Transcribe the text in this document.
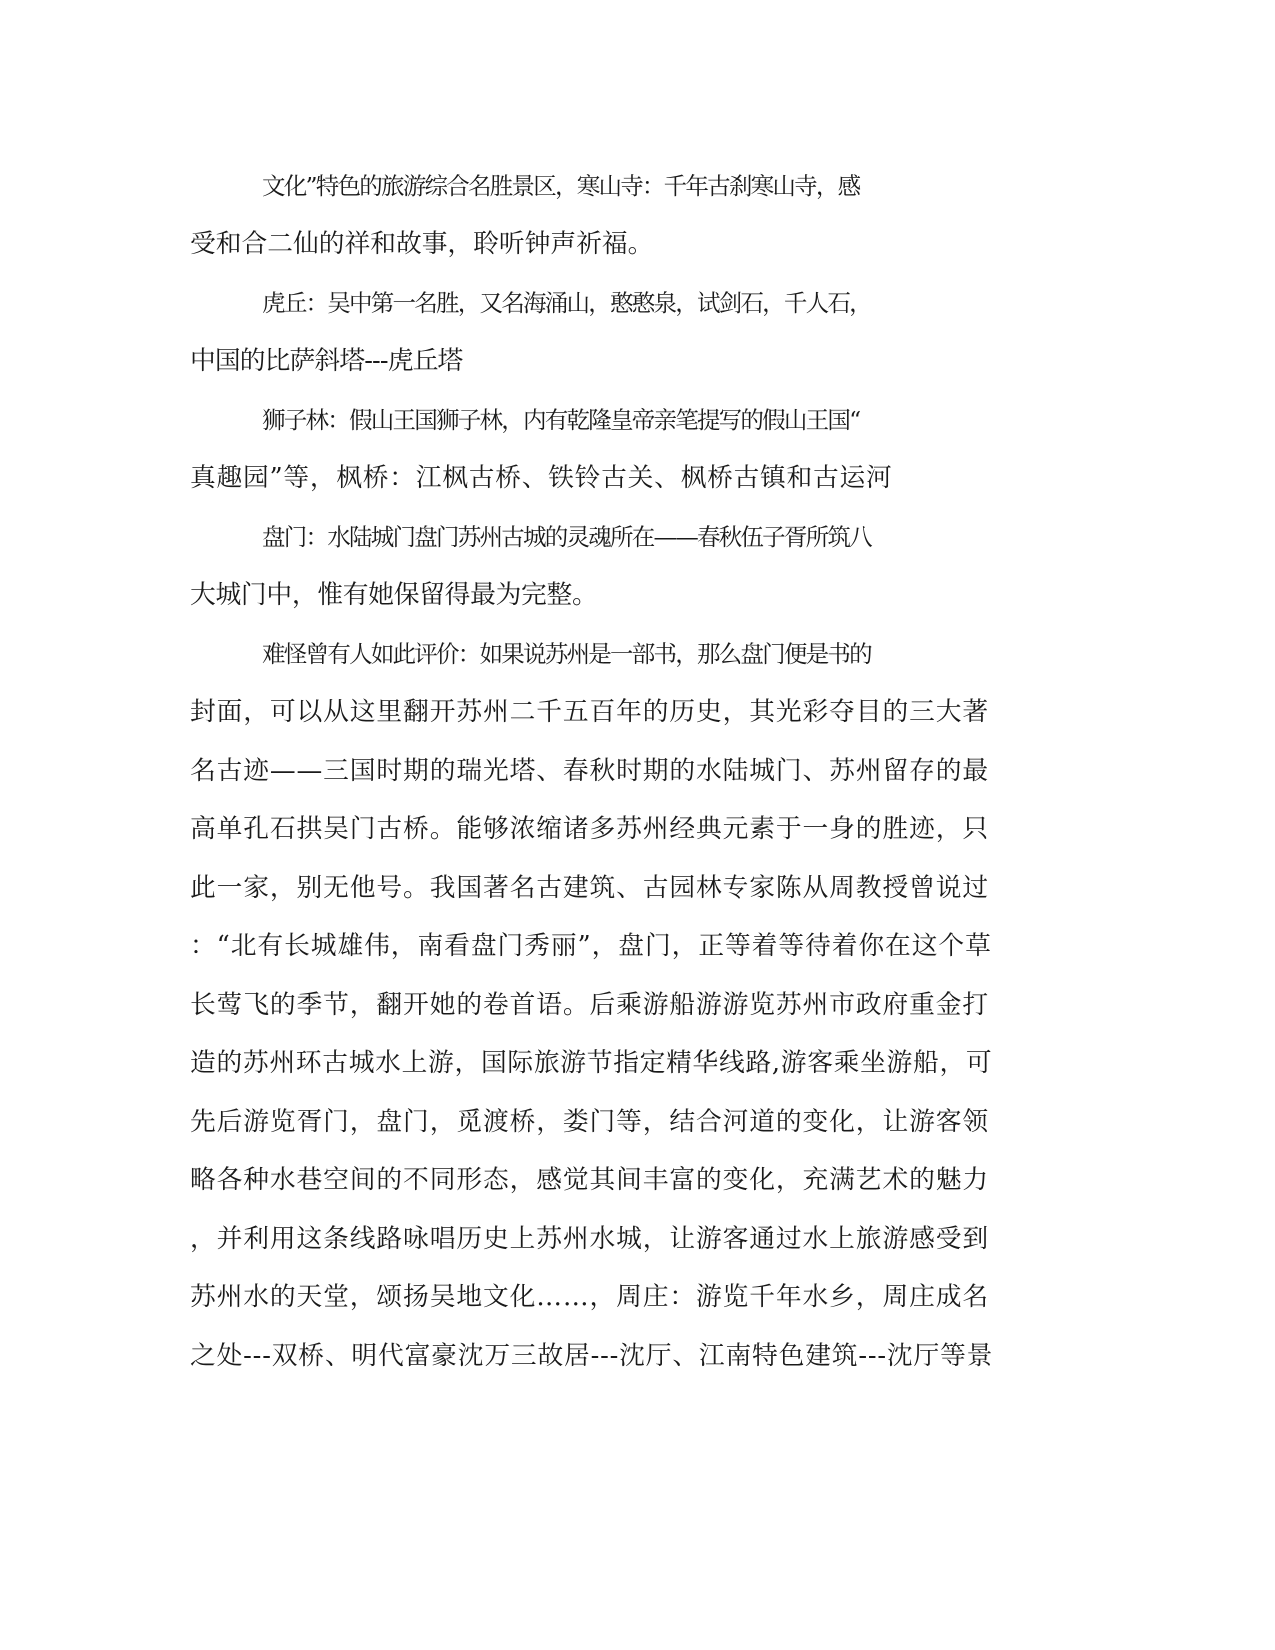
文化”特色的旅游综合名胜景区，寒山寺：千年古刹寒山寺，感
受和合二仙的祥和故事，聆听钟声祈福。
虎丘：吴中第一名胜，又名海涌山，憨憨泉，试剑石，千人石，
中国的比萨斜塔---虎丘塔
狮子林：假山王国狮子林，内有乾隆皇帝亲笔提写的假山王国“
真趣园”等，枫桥：江枫古桥、铁铃古关、枫桥古镇和古运河
盘门：水陆城门盘门苏州古城的灵魂所在——春秋伍子胥所筑八
大城门中，惟有她保留得最为完整。
难怪曾有人如此评价：如果说苏州是一部书，那么盘门便是书的
封面，可以从这里翻开苏州二千五百年的历史，其光彩夺目的三大著
名古迹——三国时期的瑞光塔、春秋时期的水陆城门、苏州留存的最
高单孔石拱吴门古桥。能够浓缩诸多苏州经典元素于一身的胜迹，只
此一家，别无他号。我国著名古建筑、古园林专家陈从周教授曾说过
：“北有长城雄伟，南看盘门秀丽”，盘门，正等着等待着你在这个草
长莺飞的季节，翻开她的卷首语。后乘游船游游览苏州市政府重金打
造的苏州环古城水上游，国际旅游节指定精华线路,游客乘坐游船，可
先后游览胥门，盘门，觅渡桥，娄门等，结合河道的变化，让游客领
略各种水巷空间的不同形态，感觉其间丰富的变化，充满艺术的魅力
，并利用这条线路咏唱历史上苏州水城，让游客通过水上旅游感受到
苏州水的天堂，颂扬吴地文化……，周庄：游览千年水乡，周庄成名
之处---双桥、明代富豪沈万三故居---沈厅、江南特色建筑---沈厅等景
